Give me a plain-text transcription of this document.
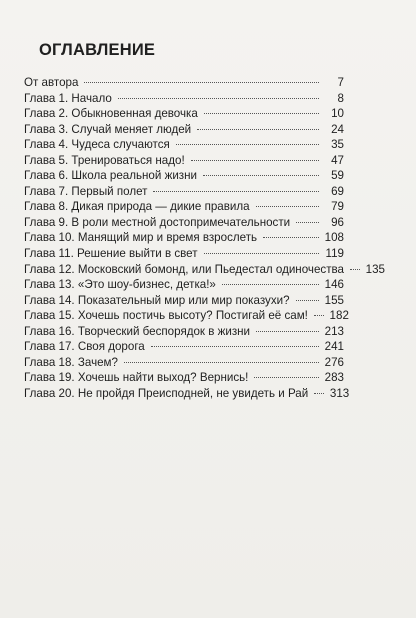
ОГЛАВЛЕНИЕ
От автора	7
Глава 1. Начало	8
Глава 2. Обыкновенная девочка	10
Глава 3. Случай меняет людей	24
Глава 4. Чудеса случаются	35
Глава 5. Тренироваться надо!	47
Глава 6. Школа реальной жизни	59
Глава 7. Первый полет	69
Глава 8. Дикая природа — дикие правила	79
Глава 9. В роли местной достопримечательности	96
Глава 10. Манящий мир и время взрослеть	108
Глава 11. Решение выйти в свет	119
Глава 12. Московский бомонд, или Пьедестал одиночества 135
Глава 13. «Это шоу-бизнес, детка!»	146
Глава 14. Показательный мир или мир показухи?	155
Глава 15. Хочешь постичь высоту? Постигай её сам! 182
Глава 16. Творческий беспорядок в жизни	213
Глава 17. Своя дорога	241
Глава 18. Зачем?	276
Глава 19. Хочешь найти выход? Вернись!	283
Глава 20. Не пройдя Преисподней, не увидеть и Рай 313
